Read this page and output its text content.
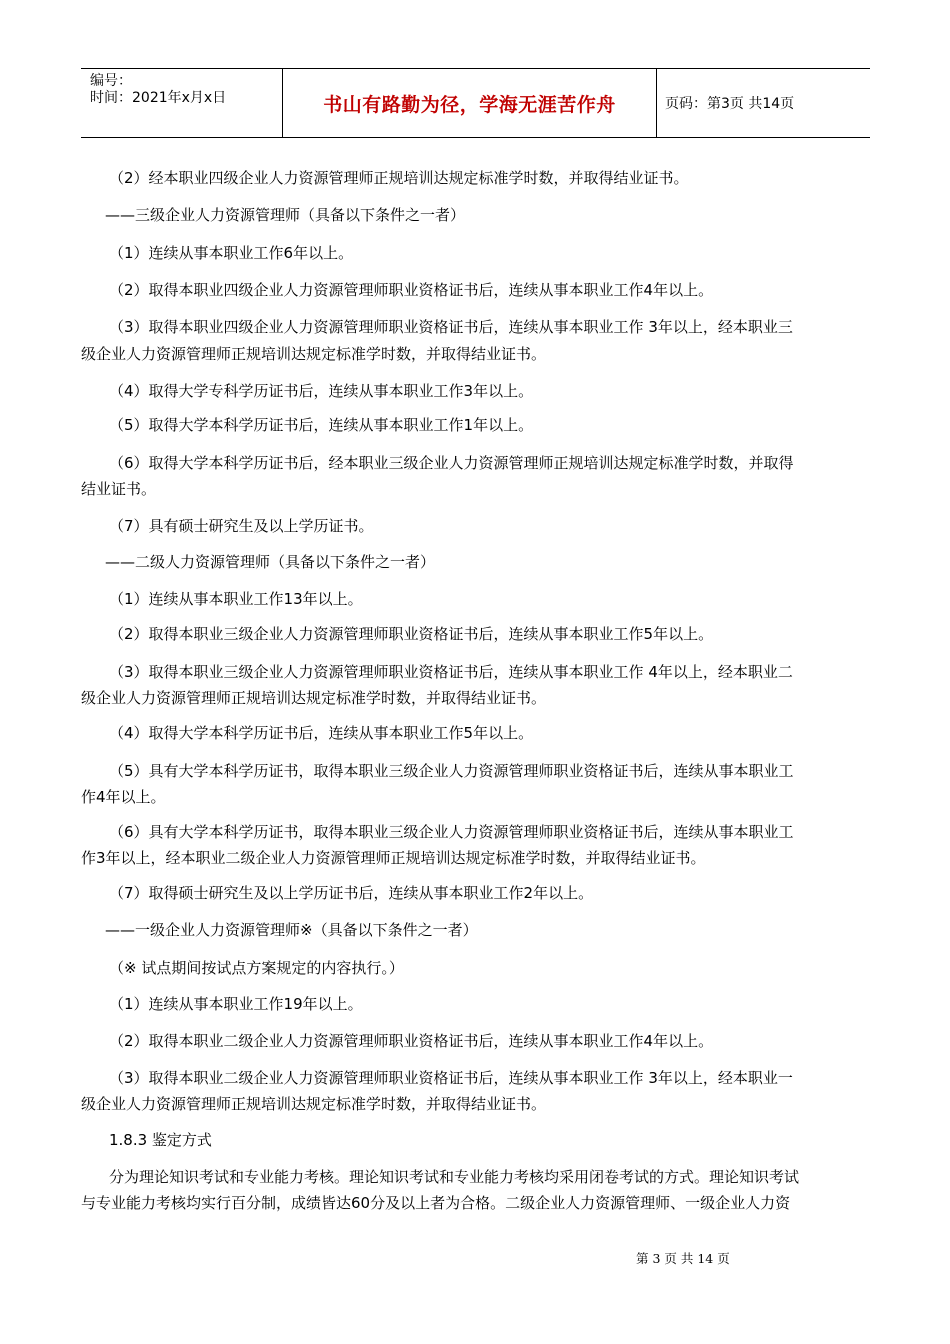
编号：
时间：2021年x月x日	书山有路勤为径，学海无涯苦作舟	页码：第3页 共14页
（2）经本职业四级企业人力资源管理师正规培训达规定标准学时数，并取得结业证书。
——三级企业人力资源管理师（具备以下条件之一者）
（1）连续从事本职业工作6年以上。
（2）取得本职业四级企业人力资源管理师职业资格证书后，连续从事本职业工作4年以上。
（3）取得本职业四级企业人力资源管理师职业资格证书后，连续从事本职业工作 3年以上，经本职业三
级企业人力资源管理师正规培训达规定标准学时数，并取得结业证书。
（4）取得大学专科学历证书后，连续从事本职业工作3年以上。
（5）取得大学本科学历证书后，连续从事本职业工作1年以上。
（6）取得大学本科学历证书后，经本职业三级企业人力资源管理师正规培训达规定标准学时数，并取得
结业证书。
（7）具有硕士研究生及以上学历证书。
——二级人力资源管理师（具备以下条件之一者）
（1）连续从事本职业工作13年以上。
（2）取得本职业三级企业人力资源管理师职业资格证书后，连续从事本职业工作5年以上。
（3）取得本职业三级企业人力资源管理师职业资格证书后，连续从事本职业工作 4年以上，经本职业二
级企业人力资源管理师正规培训达规定标准学时数，并取得结业证书。
（4）取得大学本科学历证书后，连续从事本职业工作5年以上。
（5）具有大学本科学历证书，取得本职业三级企业人力资源管理师职业资格证书后，连续从事本职业工
作4年以上。
（6）具有大学本科学历证书，取得本职业三级企业人力资源管理师职业资格证书后，连续从事本职业工
作3年以上，经本职业二级企业人力资源管理师正规培训达规定标准学时数，并取得结业证书。
（7）取得硕士研究生及以上学历证书后，连续从事本职业工作2年以上。
——一级企业人力资源管理师※（具备以下条件之一者）
（※ 试点期间按试点方案规定的内容执行。）
（1）连续从事本职业工作19年以上。
（2）取得本职业二级企业人力资源管理师职业资格证书后，连续从事本职业工作4年以上。
（3）取得本职业二级企业人力资源管理师职业资格证书后，连续从事本职业工作 3年以上，经本职业一
级企业人力资源管理师正规培训达规定标准学时数，并取得结业证书。
1.8.3 鉴定方式
分为理论知识考试和专业能力考核。理论知识考试和专业能力考核均采用闭卷考试的方式。理论知识考试
与专业能力考核均实行百分制，成绩皆达60分及以上者为合格。二级企业人力资源管理师、一级企业人力资
第 3 页 共 14 页
